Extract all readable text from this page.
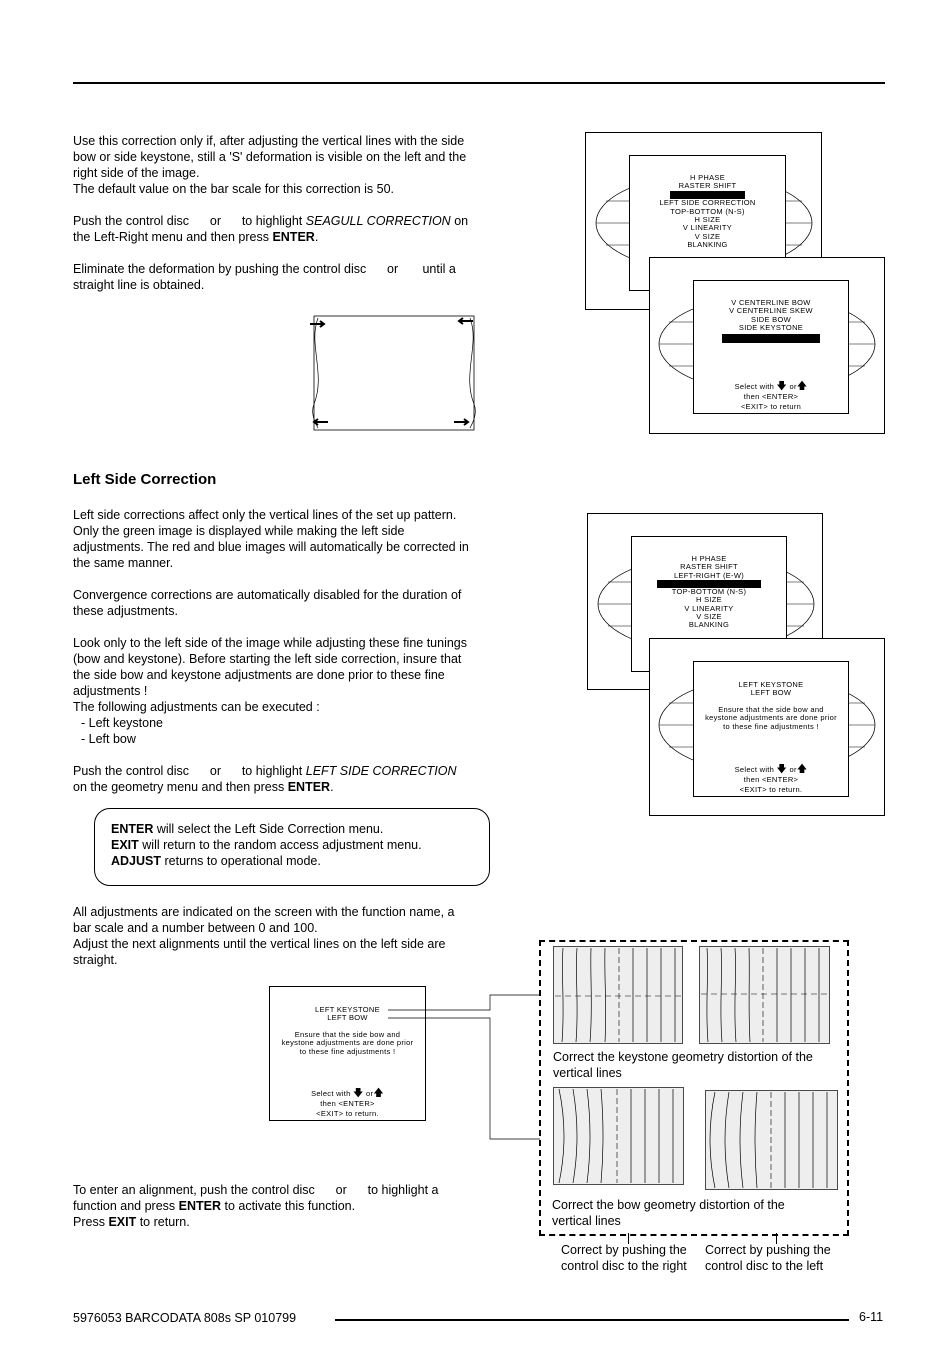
Use this correction only if, after adjusting the vertical lines with the side bow or side keystone, still a 'S' deformation is visible on the left and the right side of the image.

The default value on the bar scale for this correction is 50.

Push the control disc      or      to highlight SEAGULL CORRECTION on the Left-Right menu and then press ENTER.

Eliminate the deformation by pushing the control disc      or       until a straight line is obtained.

H PHASE
RASTER SHIFT
LEFT SIDE CORRECTION
TOP-BOTTOM (N-S)
H SIZE
V LINEARITY
V SIZE
BLANKING
V CENTERLINE BOW
V CENTERLINE SKEW
SIDE BOW
SIDE KEYSTONE
Select with 🡇 or🡅
then <ENTER>
<EXIT> to return
Left Side Correction

Left side corrections affect only the vertical lines of the set up pattern. Only the green image is displayed while making the left side adjustments. The red and blue images will automatically be corrected in the same manner.

Convergence corrections are automatically disabled for the duration of these adjustments.

Look only to the left side of the image while adjusting these fine tunings (bow and keystone). Before starting the left side correction, insure that the side bow and keystone adjustments are done prior to these fine adjustments !

The following adjustments can be executed :

- Left keystone

- Left bow

Push the control disc      or      to highlight LEFT SIDE CORRECTION on the geometry menu and then press ENTER.

H PHASE
RASTER SHIFT
LEFT-RIGHT (E-W)
TOP-BOTTOM (N-S)
H SIZE
V LINEARITY
V SIZE
BLANKING
LEFT KEYSTONE
LEFT BOW
Ensure that the side bow and keystone adjustments are done prior to these fine adjustments !
Select with 🡇 or🡅
then <ENTER>
<EXIT> to return.
ENTER will select the Left Side Correction menu.
EXIT will return to the random access adjustment menu.
ADJUST returns to operational mode.

All adjustments are indicated on the screen with the function name, a bar scale and a number between 0 and 100.

Adjust the next alignments until the vertical lines on the left side are straight.

LEFT KEYSTONE
LEFT BOW
Ensure that the side bow and keystone adjustments are done prior to these fine adjustments !
Select with 🡇 or🡅
then <ENTER>
<EXIT> to return.
Correct the keystone geometry distortion of the vertical lines
Correct the bow geometry distortion of the vertical lines
Correct by pushing the control disc to the right
Correct by pushing the control disc to the left

To enter an alignment, push the control disc      or      to highlight a function and press ENTER to activate this function.

Press EXIT to return.

5976053 BARCODATA 808s SP 010799	6-11
